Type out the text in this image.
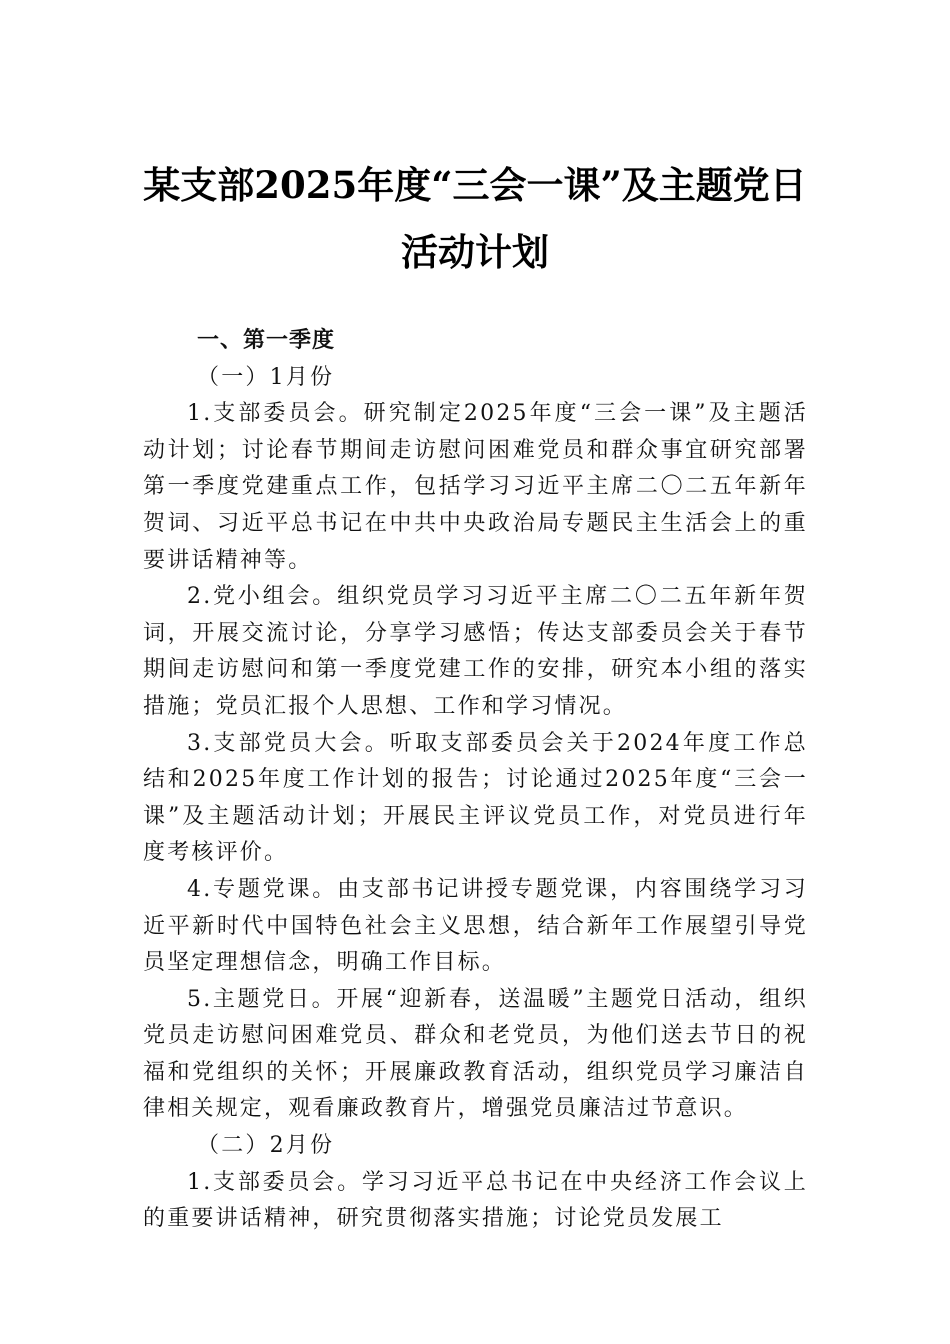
某支部2025年度“三会一课”及主题党日
活动计划

一、第一季度

（一）1月份

1.支部委员会。研究制定2025年度“三会一课”及主题活动计划；讨论春节期间走访慰问困难党员和群众事宜研究部署第一季度党建重点工作，包括学习习近平主席二〇二五年新年贺词、习近平总书记在中共中央政治局专题民主生活会上的重要讲话精神等。

2.党小组会。组织党员学习习近平主席二〇二五年新年贺词，开展交流讨论，分享学习感悟；传达支部委员会关于春节期间走访慰问和第一季度党建工作的安排，研究本小组的落实措施；党员汇报个人思想、工作和学习情况。

3.支部党员大会。听取支部委员会关于2024年度工作总结和2025年度工作计划的报告；讨论通过2025年度“三会一课”及主题活动计划；开展民主评议党员工作，对党员进行年度考核评价。

4.专题党课。由支部书记讲授专题党课，内容围绕学习习近平新时代中国特色社会主义思想，结合新年工作展望引导党员坚定理想信念，明确工作目标。

5.主题党日。开展“迎新春，送温暖”主题党日活动，组织党员走访慰问困难党员、群众和老党员，为他们送去节日的祝福和党组织的关怀；开展廉政教育活动，组织党员学习廉洁自律相关规定，观看廉政教育片，增强党员廉洁过节意识。

（二）2月份

1.支部委员会。学习习近平总书记在中央经济工作会议上的重要讲话精神，研究贯彻落实措施；讨论党员发展工
